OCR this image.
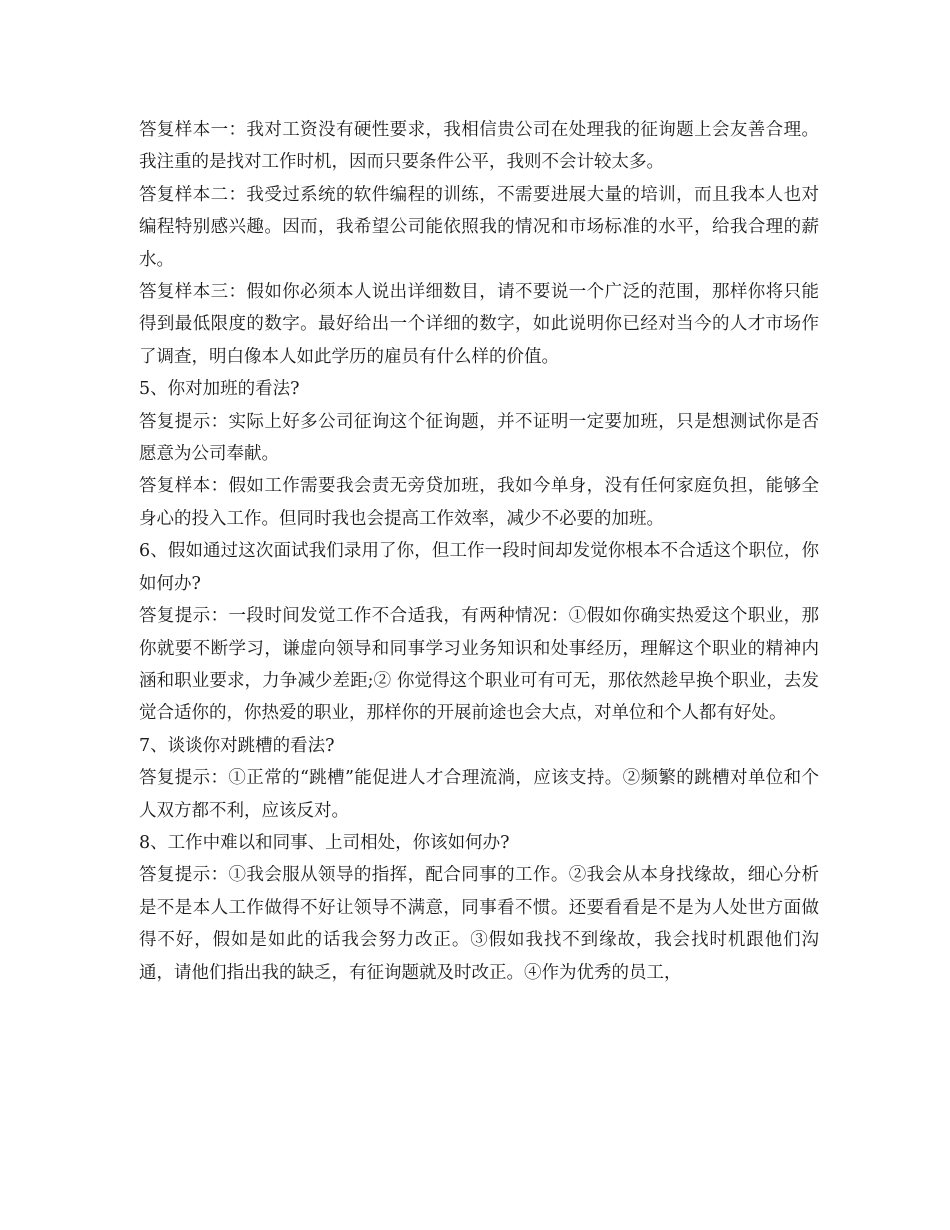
答复样本一：我对工资没有硬性要求，我相信贵公司在处理我的征询题上会友善合理。我注重的是找对工作时机，因而只要条件公平，我则不会计较太多。

答复样本二：我受过系统的软件编程的训练，不需要进展大量的培训，而且我本人也对编程特别感兴趣。因而，我希望公司能依照我的情况和市场标准的水平，给我合理的薪水。

答复样本三：假如你必须本人说出详细数目，请不要说一个广泛的范围，那样你将只能得到最低限度的数字。最好给出一个详细的数字，如此说明你已经对当今的人才市场作了调查，明白像本人如此学历的雇员有什么样的价值。

5、你对加班的看法?

答复提示：实际上好多公司征询这个征询题，并不证明一定要加班，只是想测试你是否愿意为公司奉献。

答复样本：假如工作需要我会责无旁贷加班，我如今单身，没有任何家庭负担，能够全身心的投入工作。但同时我也会提高工作效率，减少不必要的加班。

6、假如通过这次面试我们录用了你，但工作一段时间却发觉你根本不合适这个职位，你如何办?

答复提示：一段时间发觉工作不合适我，有两种情况：①假如你确实热爱这个职业，那你就要不断学习，谦虚向领导和同事学习业务知识和处事经历，理解这个职业的精神内涵和职业要求，力争减少差距;② 你觉得这个职业可有可无，那依然趁早换个职业，去发觉合适你的，你热爱的职业，那样你的开展前途也会大点，对单位和个人都有好处。

7、谈谈你对跳槽的看法?

答复提示：①正常的“跳槽”能促进人才合理流淌，应该支持。②频繁的跳槽对单位和个人双方都不利，应该反对。

8、工作中难以和同事、上司相处，你该如何办?

答复提示：①我会服从领导的指挥，配合同事的工作。②我会从本身找缘故，细心分析是不是本人工作做得不好让领导不满意，同事看不惯。还要看看是不是为人处世方面做得不好，假如是如此的话我会努力改正。③假如我找不到缘故，我会找时机跟他们沟通，请他们指出我的缺乏，有征询题就及时改正。④作为优秀的员工，
